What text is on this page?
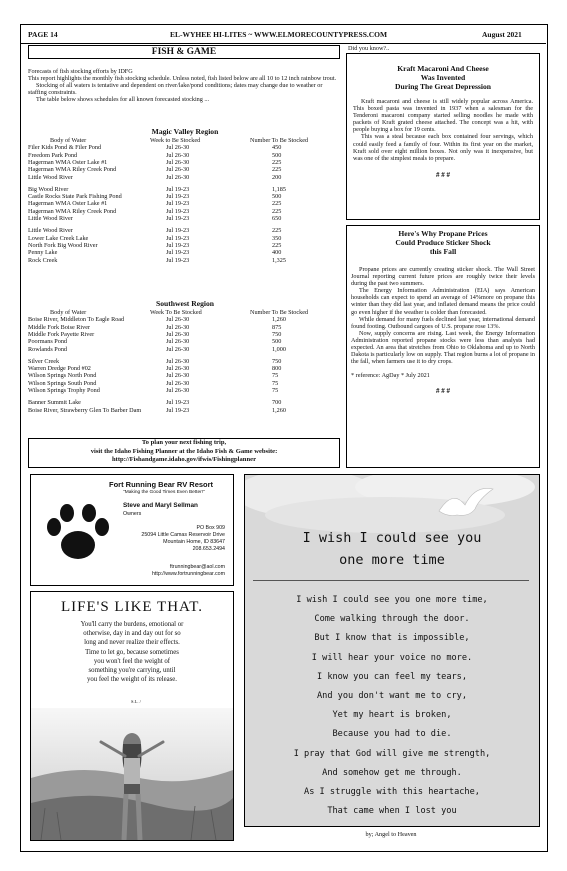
PAGE 14	EL-WYHEE HI-LITES ~ WWW.ELMORECOUNTYPRESS.COM	August 2021
FISH & GAME
Forecasts of fish stocking efforts by IDFG
This report highlights the monthly fish stocking schedule. Unless noted, fish listed below are all 10 to 12 inch rainbow trout.
Stocking of all waters is tentative and dependent on river/lake/pond conditions; dates may change due to weather or staffing constraints.
The table below shows schedules for all known forecasted stocking ...
Magic Valley Region
Body of Water	Week to Be Stocked	Number To Be Stocked
Filer Kids Pond & Filer Pond	Jul 26-30	450
Freedom Park Pond	Jul 26-30	500
Hagerman WMA Oster Lake #1	Jul 26-30	225
Hagerman WMA Riley Creek Pond	Jul 26-30	225
Little Wood River	Jul 26-30	200
Big Wood River	Jul 19-23	1,185
Castle Rocks State Park Fishing Pond	Jul 19-23	500
Hagerman WMA Oster Lake #1	Jul 19-23	225
Hagerman WMA Riley Creek Pond	Jul 19-23	225
Little Wood River	Jul 19-23	650
Little Wood River	Jul 19-23	225
Lower Lake Creek Lake	Jul 19-23	350
North Fork Big Wood River	Jul 19-23	225
Penny Lake	Jul 19-23	400
Rock Creek	Jul 19-23	1,325
Southwest Region
Body of Water	Week To Be Stocked	Number To Be Stocked
Boise River, Middleton To Eagle Road	Jul 26-30	1,260
Middle Fork Boise River	Jul 26-30	875
Middle Fork Payette River	Jul 26-30	750
Poormans Pond	Jul 26-30	500
Rowlands Pond	Jul 26-30	1,000
Silver Creek	Jul 26-30	750
Warren Dredge Pond #02	Jul 26-30	800
Wilson Springs North Pond	Jul 26-30	75
Wilson Springs South Pond	Jul 26-30	75
Wilson Springs Trophy Pond	Jul 26-30	75
Banner Summit Lake	Jul 19-23	700
Boise River, Strawberry Glen To Barber Dam	Jul 19-23	1,260
To plan your next fishing trip,
visit the Idaho Fishing Planner at the Idaho Fish & Game website:
http://Fishandgame.idaho.gov/ifwis/Fishingplanner
Did you know?..
Kraft Macaroni And Cheese
Was Invented
During The Great Depression
Kraft macaroni and cheese is still widely popular across America. This boxed pasta was invented in 1937 when a salesman for the Tenderoni macaroni company started selling noodles he made with packets of Kraft grated cheese attached. The concept was a hit, with people buying a box for 19 cents.
This was a steal because each box contained four servings, which could easily feed a family of four. Within its first year on the market, Kraft sold over eight million boxes. Not only was it inexpensive, but was one of the simplest meals to prepare.
# # #
Here's Why Propane Prices
Could Produce Sticker Shock
this Fall
Propane prices are currently creating sticker shock. The Wall Street Journal reporting current future prices are roughly twice their levels during the past two summers.
The Energy Information Administration (EIA) says American households can expect to spend an average of 14%more on propane this winter than they did last year, and inflated demand means the price could go even higher if the weather is colder than forecasted.
While demand for many fuels declined last year, international demand found footing. Outbound cargoes of U.S. propane rose 13%.
Now, supply concerns are rising. Last week, the Energy Information Administration reported propane stocks were less than analysts had expected. An area that stretches from Ohio to Oklahoma and up to North Dakota is particularly low on supply. That region burns a lot of propane in the fall, when farmers use it to dry crops.
* reference: AgDay * July 2021
# # #
Fort Running Bear RV Resort
"Making the Good Times Even Better!"
Steve and Maryl Sellman
Owners
PO Box 909
25094 Little Camas Reservoir Drive
Mountain Home, ID 83647
208.653.2494
ftrunningbear@aol.com
http://www.fortrunningbear.com
LIFE'S LIKE THAT.
You'll carry the burdens, emotional or
otherwise, day in and day out for so
long and never realize their effects.
Time to let go, because sometimes
you won't feel the weight of
something you're carrying, until
you feel the weight of its release.
S.L. /
I wish I could see you
one more time
I wish I could see you one more time,
Come walking through the door.
But I know that is impossible,
I will hear your voice no more.
I know you can feel my tears,
And you don't want me to cry,
Yet my heart is broken,
Because you had to die.
I pray that God will give me strength,
And somehow get me through.
As I struggle with this heartache,
That came when I lost you
by; Angel to Heaven
